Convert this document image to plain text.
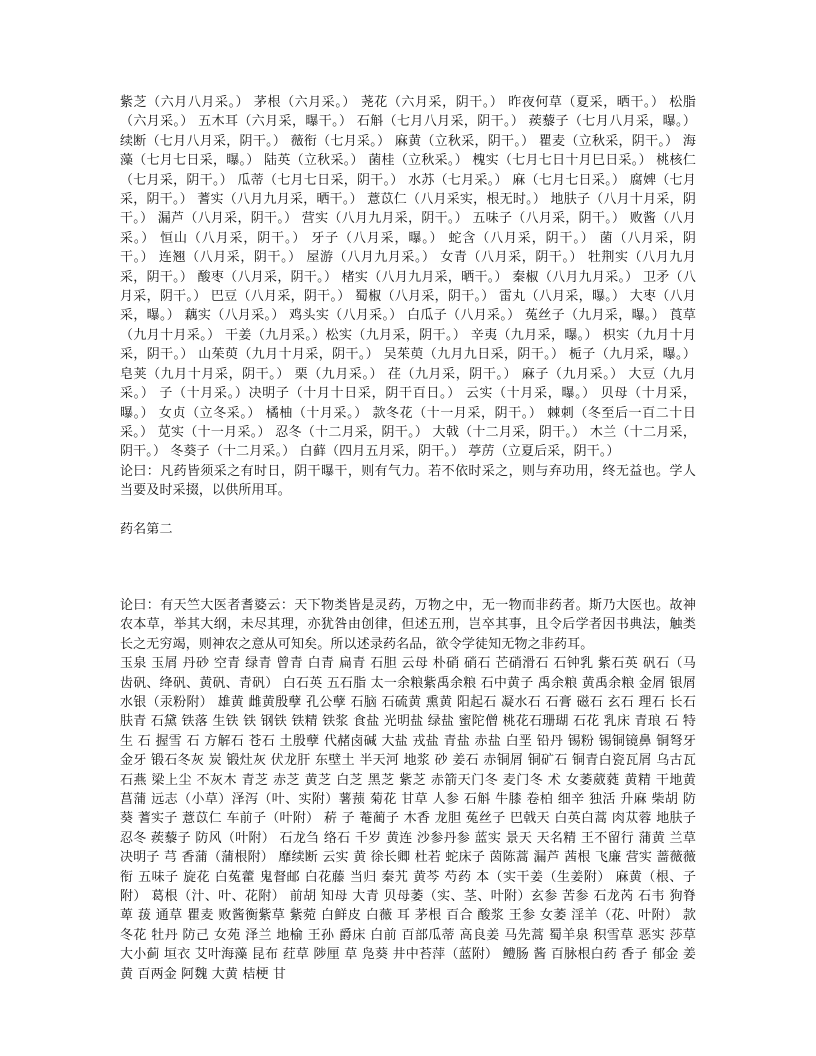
紫芝（六月八月采。） 茅根（六月采。） 荛花（六月采，阴干。） 昨夜何草（夏采，晒干。） 松脂（六月采。） 五木耳（六月采，曝干。） 石斛（七月八月采，阴干。） 蒺藜子（七月八月采，曝。）续断（七月八月采，阴干。） 薇衔（七月采。） 麻黄（立秋采，阴干。） 瞿麦（立秋采，阴干。） 海藻（七月七日采，曝。） 陆英（立秋采。） 菌桂（立秋采。） 槐实（七月七日十月巳日采。） 桃核仁（七月采，阴干。） 瓜蒂（七月七日采，阴干。） 水苏（七月采。） 麻（七月七日采。） 腐婢（七月采，阴干。） 蓍实（八月九月采，晒干。） 薏苡仁（八月采实，根无时。） 地肤子（八月十月采，阴干。） 漏芦（八月采，阴干。） 营实（八月九月采，阴干。） 五味子（八月采，阴干。） 败酱（八月采。） 恒山（八月采，阴干。） 牙子（八月采，曝。） 蛇含（八月采，阴干。） 菌（八月采，阴干。） 连翘（八月采，阴干。） 屋游（八月九月采。） 女青（八月采，阴干。） 牡荆实（八月九月采，阴干。） 酸枣（八月采，阴干。） 楮实（八月九月采，晒干。） 秦椒（八月九月采。） 卫矛（八月采，阴干。） 巴豆（八月采，阴干。） 蜀椒（八月采，阴干。） 雷丸（八月采，曝。） 大枣（八月采，曝。） 藕实（八月采。） 鸡头实（八月采。） 白瓜子（八月采。） 菟丝子（九月采，曝。） 莨草（九月十月采。） 干姜（九月采。）松实（九月采，阴干。） 辛夷（九月采，曝。） 枳实（九月十月采，阴干。） 山茱萸（九月十月采，阴干。） 吴茱萸（九月九日采，阴干。） 栀子（九月采，曝。） 皂荚（九月十月采，阴干。） 栗（九月采。） 荏（九月采，阴干。） 麻子（九月采。） 大豆（九月采。） 子（十月采。）决明子（十月十日采，阴干百日。） 云实（十月采，曝。） 贝母（十月采，曝。） 女贞（立冬采。） 橘柚（十月采。） 款冬花（十一月采，阴干。） 棘刺（冬至后一百二十日采。） 苋实（十一月采。） 忍冬（十二月采，阴干。） 大戟（十二月采，阴干。） 木兰（十二月采，阴干。） 冬葵子（十二月采。） 白藓（四月五月采，阴干。） 葶苈（立夏后采，阴干。）

论曰：凡药皆须采之有时日，阴干曝干，则有气力。若不依时采之，则与弃功用，终无益也。学人当要及时采掇，以供所用耳。

药名第二

论曰：有天竺大医者耆婆云：天下物类皆是灵药，万物之中，无一物而非药者。斯乃大医也。故神农本草，举其大纲，未尽其理，亦犹咎由创律，但述五刑，岂卒其事，且令后学者因书典法，触类长之无穷竭，则神农之意从可知矣。所以述录药名品，欲令学徒知无物之非药耳。

玉泉 玉屑 丹砂 空青 绿青 曾青 白青 扁青 石胆 云母 朴硝 硝石 芒硝滑石 石钟乳 紫石英 矾石（马齿矾、绛矾、黄矾、青矾） 白石英 五石脂 太一余粮紫禹余粮 石中黄子 禹余粮 黄禹余粮 金屑 银屑 水银（汞粉附） 雄黄 雌黄殷孽 孔公孽 石脑 石硫黄 熏黄 阳起石 凝水石 石膏 磁石 玄石 理石 长石肤青 石黛 铁落 生铁 铁 钢铁 铁精 铁浆 食盐 光明盐 绿盐 蜜陀僧 桃花石珊瑚 石花 乳床 青琅 石 特生 石 握雪 石 方解石 苍石 土殷孽 代赭卤碱 大盐 戎盐 青盐 赤盐 白垩 铅丹 锡粉 锡铜镜鼻 铜弩牙 金牙 锻石冬灰 炭 锻灶灰 伏龙肝 东壁土 半天河 地浆 砂 姜石 赤铜屑 铜矿石 铜青白瓷瓦屑 乌古瓦 石燕 梁上尘 不灰木 青芝 赤芝 黄芝 白芝 黑芝 紫芝 赤箭天门冬 麦门冬 术 女萎葳蕤 黄精 干地黄 菖蒲 远志（小草）泽泻（叶、实附）薯蓣 菊花 甘草 人参 石斛 牛膝 卷柏 细辛 独活 升麻 柴胡 防葵 蓍实子 薏苡仁 车前子（叶附） 菥 子 菴蔺子 木香 龙胆 菟丝子 巴戟天 白英白蒿 肉苁蓉 地肤子 忍冬 蒺藜子 防风（叶附） 石龙刍 络石 千岁 黄连 沙参丹参 蓝实 景天 天名精 王不留行 蒲黄 兰草 决明子 芎 香蒲（蒲根附） 靡续断 云实 黄 徐长卿 杜若 蛇床子 茵陈蒿 漏芦 茜根 飞廉 营实 蔷薇薇衔 五味子 旋花 白菟藿 鬼督邮 白花藤 当归 秦艽 黄芩 芍药 本（实干姜（生姜附） 麻黄（根、子附） 葛根（汁、叶、花附） 前胡 知母 大青 贝母萎（实、茎、叶附）玄参 苦参 石龙芮 石韦 狗脊 萆 菝 通草 瞿麦 败酱衡紫草 紫菀 白鲜皮 白薇 耳 茅根 百合 酸浆 王参 女萎 淫羊（花、叶附） 款冬花 牡丹 防己 女苑 泽兰 地榆 王孙 爵床 白前 百部瓜蒂 高良姜 马先蒿 蜀羊泉 积雪草 恶实 莎草 大小蓟 垣衣 艾叶海藻 昆布 荭草 陟厘 草 凫葵 井中苔萍（蓝附） 鳢肠 酱 百脉根白药 香子 郁金 姜黄 百两金 阿魏 大黄 桔梗 甘
